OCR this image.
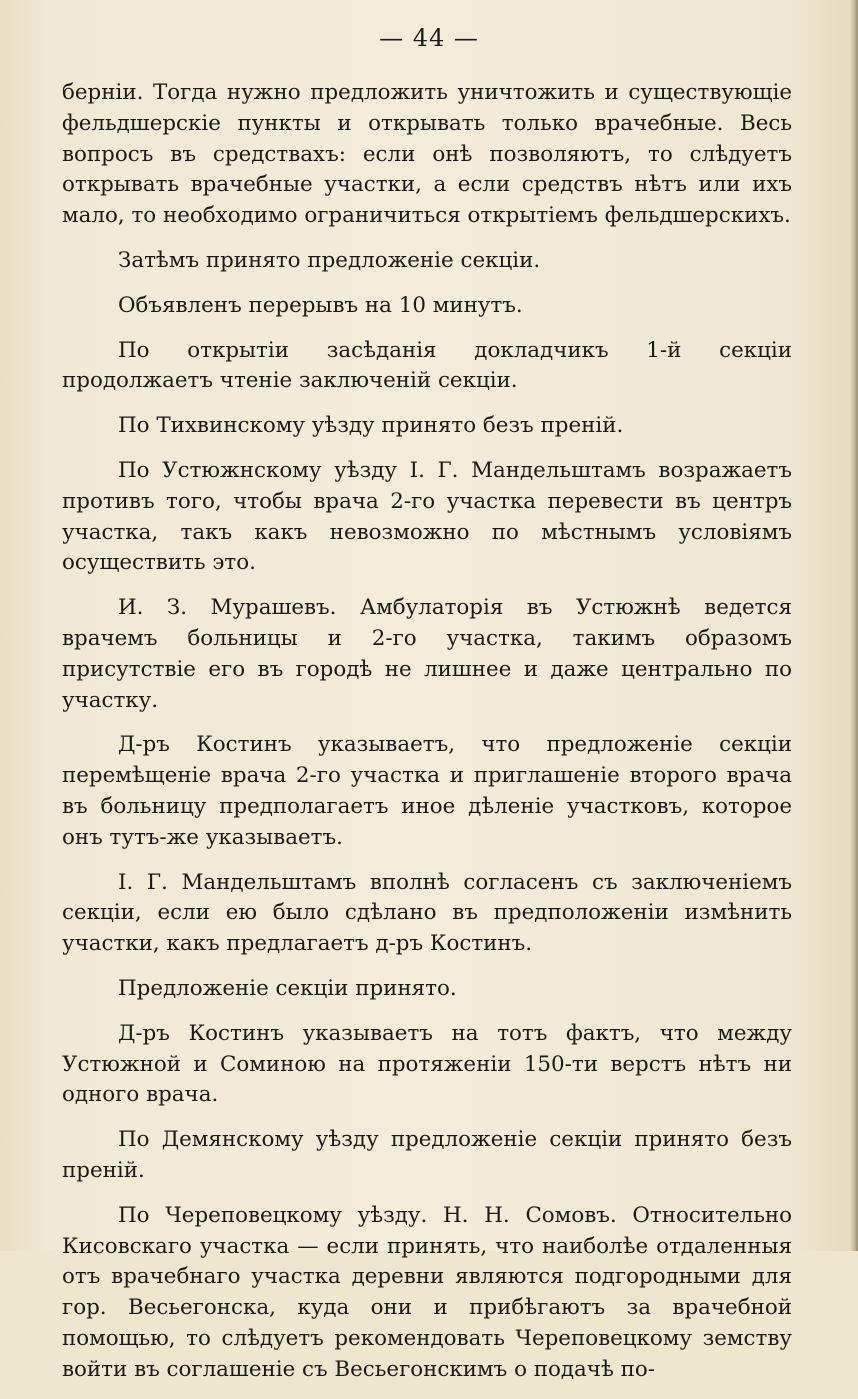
— 44 —

берніи. Тогда нужно предложить уничтожить и существующіе фельдшерскіе пункты и открывать только врачебные. Весь вопросъ въ средствахъ: если онѣ позволяютъ, то слѣдуетъ открывать врачебные участки, а если средствъ нѣтъ или ихъ мало, то необходимо ограничиться открытіемъ фельдшерскихъ.

Затѣмъ принято предложеніе секціи.

Объявленъ перерывъ на 10 минутъ.

По открытіи засѣданія докладчикъ 1-й секціи продолжаетъ чтеніе заключеній секціи.

По Тихвинскому уѣзду принято безъ преній.

По Устюжнскому уѣзду І. Г. Мандельштамъ возражаетъ противъ того, чтобы врача 2-го участка перевести въ центръ участка, такъ какъ невозможно по мѣстнымъ условіямъ осуществить это.

И. З. Мурашевъ. Амбулаторія въ Устюжнѣ ведется врачемъ больницы и 2-го участка, такимъ образомъ присутствіе его въ городѣ не лишнее и даже центрально по участку.

Д-ръ Костинъ указываетъ, что предложеніе секціи перемѣщеніе врача 2-го участка и приглашеніе второго врача въ больницу предполагаетъ иное дѣленіе участковъ, которое онъ тутъ-же указываетъ.

І. Г. Мандельштамъ вполнѣ согласенъ съ заключеніемъ секціи, если ею было сдѣлано въ предположеніи измѣнить участки, какъ предлагаетъ д-ръ Костинъ.

Предложеніе секціи принято.

Д-ръ Костинъ указываетъ на тотъ фактъ, что между Устюжной и Соминою на протяженіи 150-ти верстъ нѣтъ ни одного врача.

По Демянскому уѣзду предложеніе секціи принято безъ преній.

По Череповецкому уѣзду. Н. Н. Сомовъ. Относительно Кисовскаго участка — если принять, что наиболѣе отдаленныя отъ врачебнаго участка деревни являются подгородными для гор. Весьегонска, куда они и прибѣгаютъ за врачебной помощью, то слѣдуетъ рекомендовать Череповецкому земству войти въ соглашеніе съ Весьегонскимъ о подачѣ по-
